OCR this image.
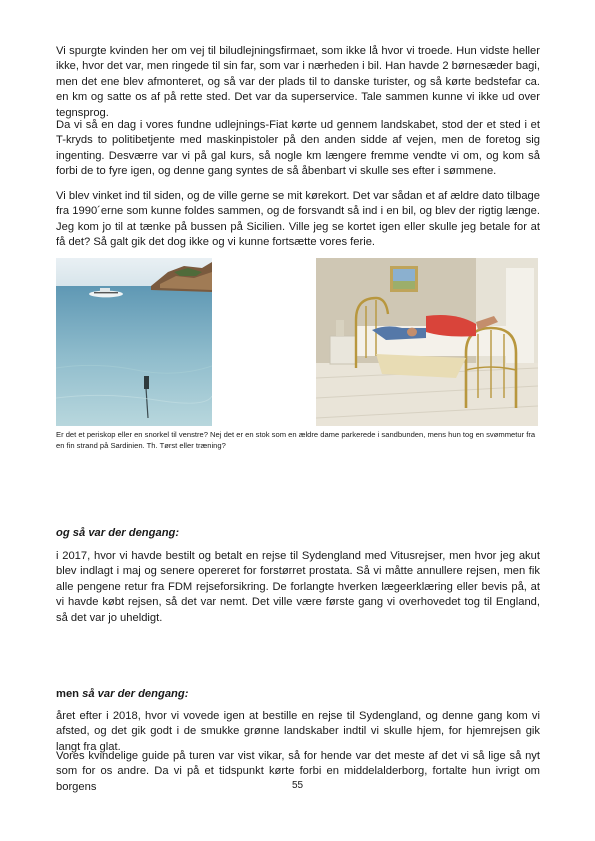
Vi spurgte kvinden her om vej til biludlejningsfirmaet, som ikke lå hvor vi troede. Hun vidste heller ikke, hvor det var, men ringede til sin far, som var i nærheden i bil. Han havde 2 børnesæder bagi, men det ene blev afmonteret, og så var der plads til to danske turister, og så kørte bedstefar ca. en km og satte os af på rette sted. Det var da superservice. Tale sammen kunne vi ikke ud over tegnsprog.

Da vi så en dag i vores fundne udlejnings-Fiat kørte ud gennem landskabet, stod der et sted i et T-kryds to politibetjente med maskinpistoler på den anden sidde af vejen, men de foretog sig ingenting. Desværre var vi på gal kurs, så nogle km længere fremme vendte vi om, og kom så forbi de to fyre igen, og denne gang syntes de så åbenbart vi skulle ses efter i sømmene.

Vi blev vinket ind til siden, og de ville gerne se mit kørekort. Det var sådan et af ældre dato tilbage fra 1990´erne som kunne foldes sammen, og de forsvandt så ind i en bil, og blev der rigtig længe. Jeg kom jo til at tænke på bussen på Sicilien. Ville jeg se kortet igen eller skulle jeg betale for at få det? Så galt gik det dog ikke og vi kunne fortsætte vores ferie.

Er det et periskop eller en snorkel til venstre? Nej det er en stok som en ældre dame parkerede i sandbunden, mens hun tog en svømmetur fra en fin strand på Sardinien. Th. Tørst eller træning?

og så var der dengang:

i 2017, hvor vi havde bestilt og betalt en rejse til Sydengland med Vitusrejser, men hvor jeg akut blev indlagt i maj og senere opereret for forstørret prostata. Så vi måtte annullere rejsen, men fik alle pengene retur fra FDM rejseforsikring. De forlangte hverken lægeerklæring eller bevis på, at vi havde købt rejsen, så det var nemt. Det ville være første gang vi overhovedet tog til England, så det var jo uheldigt.

men så var der dengang:

året efter i 2018, hvor vi vovede igen at bestille en rejse til Sydengland, og denne gang kom vi afsted, og det gik godt i de smukke grønne landskaber indtil vi skulle hjem, for hjemrejsen gik langt fra glat.

Vores kvindelige guide på turen var vist vikar, så for hende var det meste af det vi så lige så nyt som for os andre. Da vi på et tidspunkt kørte forbi en middelalderborg, fortalte hun ivrigt om borgens	55
